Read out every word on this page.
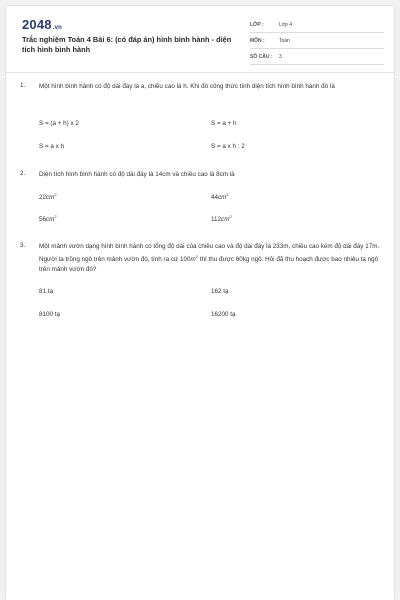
2048.vn
Trắc nghiệm Toán 4 Bài 6: (có đáp án) hình bình hành - diện tích hình bình hành
LỚP :	Lớp 4
MÔN :	Toán
SỐ CÂU :	3
1. Một hình bình hành có độ dài đáy là a, chiều cao là h. Khi đó công thức tính diện tích hình bình hành đó là
S = (a + h) x 2	S = a + h
S = a x h	S = a x h : 2
2. Diện tích hình bình hành có độ dài đáy là 14cm và chiều cao là 8cm là
$22cm^2$	$44cm^2$
$56cm^2$	$112cm^2$
3. Một mảnh vườn dạng hình bình hành có tổng độ dài của chiều cao và độ dài đáy là 233m, chiều cao kém độ dài đáy 17m. Người ta trồng ngô trên mảnh vườn đó, tính ra cứ $100m^2$ thì thu được 60kg ngô. Hỏi đã thu hoạch được bao nhiêu tạ ngô trên mảnh vườn đó?
81 tạ	162 tạ
8100 tạ	16200 tạ
